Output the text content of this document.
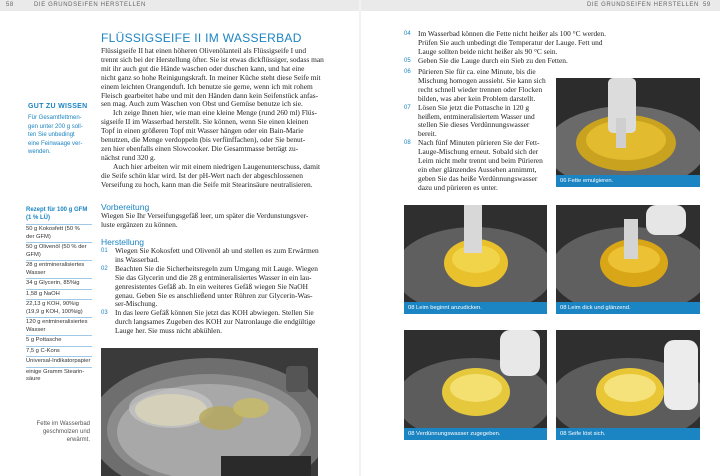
58	DIE GRUNDSEIFEN HERSTELLEN	DIE GRUNDSEIFEN HERSTELLEN 59
GUT ZU WISSEN
Für Gesamtfettmen-
gen unter 200 g soll-
ten Sie unbedingt
eine Feinwaage ver-
wenden.
Rezept für 100 g GFM
(1 % LÜ)
50 g Kokosfett (50 %
der GFM)
50 g Olivenöl (50 % der
GFM)
28 g entmineralisiertes
Wasser
34 g Glycerin, 85%ig
1,58 g NaOH
22,13 g KOH, 90%ig
(19,9 g KOH, 100%ig)
120 g entmineralisiertes
Wasser
5 g Pottasche
7,5 g C-Kons
Universal-Indikatorpapier
einige Gramm Stearin-
säure
Fette im Wasserbad
geschmolzen und
erwärmt.
FLÜSSIGSEIFE II IM WASSERBAD
Flüssigseife II hat einen höheren Olivenölanteil als Flüssigseife I und
trennt sich bei der Herstellung öfter. Sie ist etwas dickflüssiger, sodass man
mit ihr auch gut die Hände waschen oder duschen kann, und hat eine
nicht ganz so hohe Reinigungskraft. In meiner Küche steht diese Seife mit
einem leichten Orangenduft. Ich benutze sie gerne, wenn ich mit rohem
Fleisch gearbeitet habe und mit den Händen dann kein Seifenstück anfas-
sen mag. Auch zum Waschen von Obst und Gemüse benutze ich sie.
Ich zeige Ihnen hier, wie man eine kleine Menge (rund 260 ml) Flüs-
sigseife II im Wasserbad herstellt. Sie können, wenn Sie einen kleinen
Topf in einen größeren Topf mit Wasser hängen oder ein Bain-Marie
benutzen, die Menge verdoppeln (bis verfünffachen), oder Sie benut-
zen hier ebenfalls einen Slowcooker. Die Gesamtmasse beträgt zu-
nächst rund 320 g.
Auch hier arbeiten wir mit einem niedrigen Laugenunterschuss, damit
die Seife schön klar wird. Ist der pH-Wert nach der abgeschlossenen
Verseifung zu hoch, kann man die Seife mit Stearinsäure neutralisieren.
Vorbereitung
Wiegen Sie Ihr Verseifungsgefäß leer, um später die Verdunstungsver-
luste ergänzen zu können.
Herstellung
01 Wiegen Sie Kokosfett und Olivenöl ab und stellen es zum Erwärmen
ins Wasserbad.
02 Beachten Sie die Sicherheitsregeln zum Umgang mit Lauge. Wiegen
Sie das Glycerin und die 28 g entmineralisiertes Wasser in ein lau-
genresistentes Gefäß ab. In ein weiteres Gefäß wiegen Sie NaOH
genau. Geben Sie es anschließend unter Rühren zur Glycerin-Was-
ser-Mischung.
03 In das leere Gefäß können Sie jetzt das KOH abwiegen. Stellen Sie
durch langsames Zugeben des KOH zur Natronlauge die endgültige
Lauge her. Sie muss nicht abkühlen.
04 Im Wasserbad können die Fette nicht heißer als 100 °C werden.
Prüfen Sie auch unbedingt die Temperatur der Lauge. Fett und
Lauge sollten beide nicht heißer als 90 °C sein.
05 Geben Sie die Lauge durch ein Sieb zu den Fetten.
06 Pürieren Sie für ca. eine Minute, bis die
Mischung homogen aussieht. Sie kann sich
recht schnell wieder trennen oder Flocken
bilden, was aber kein Problem darstellt.
07 Lösen Sie jetzt die Pottasche in 120 g
heißem, entmineralisiertem Wasser und
stellen Sie dieses Verdünnungswasser
bereit.
08 Nach fünf Minuten pürieren Sie der Fett-
Lauge-Mischung erneut. Sobald sich der
Leim nicht mehr trennt und beim Pürieren
ein eher glänzendes Aussehen annimmt,
geben Sie das heiße Verdünnungswasser
dazu und pürieren es unter.
06 Fette emulgieren.
08 Leim beginnt anzudicken.	08 Leim dick und glänzend.
08 Verdünnungswasser zugegeben.	08 Seife löst sich.
